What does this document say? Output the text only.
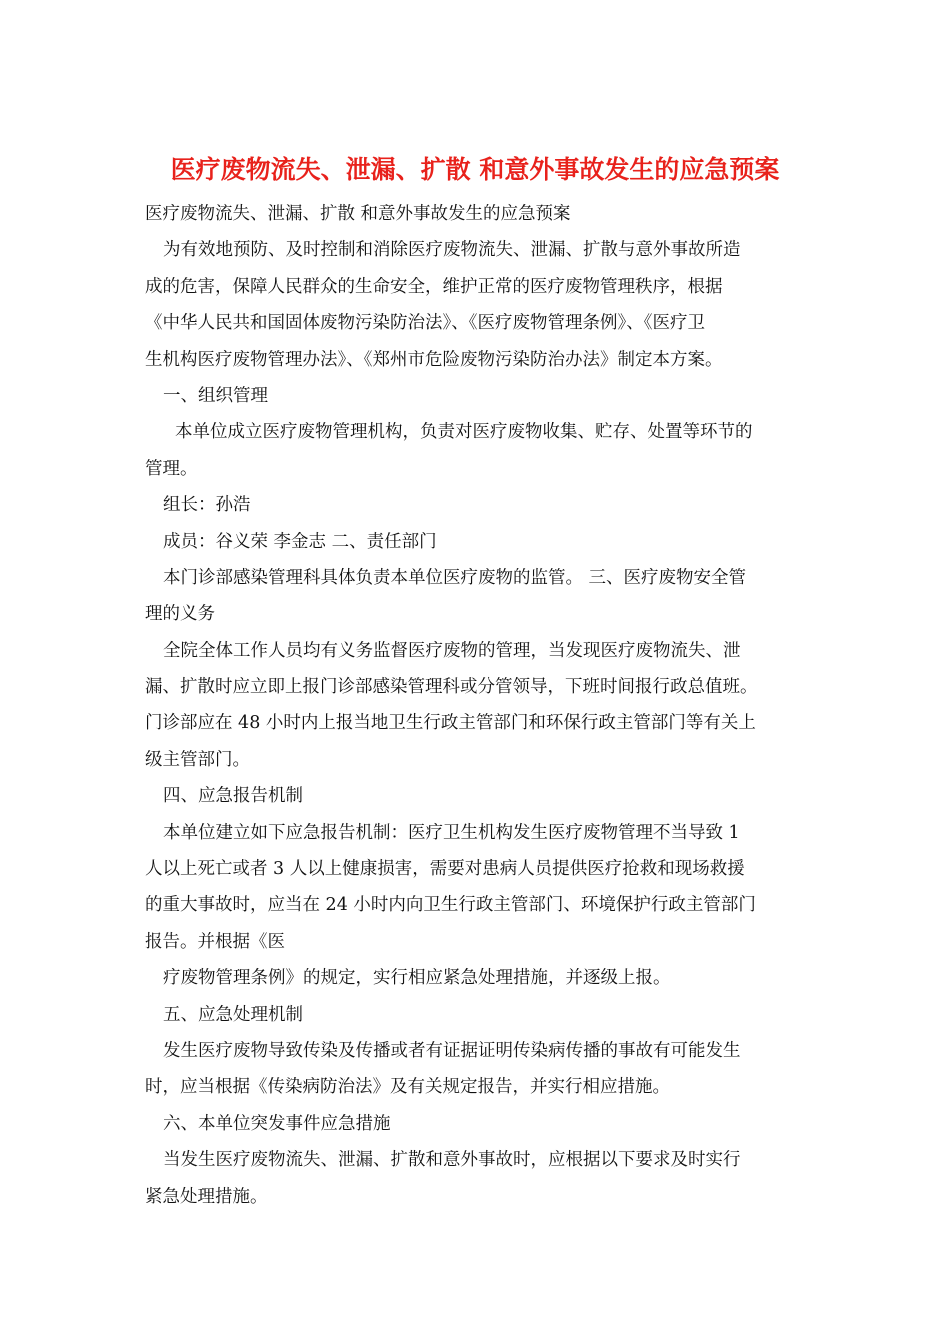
医疗废物流失、泄漏、扩散 和意外事故发生的应急预案
医疗废物流失、泄漏、扩散 和意外事故发生的应急预案
为有效地预防、及时控制和消除医疗废物流失、泄漏、扩散与意外事故所造
成的危害，保障人民群众的生命安全，维护正常的医疗废物管理秩序，根据
《中华人民共和国固体废物污染防治法》、《医疗废物管理条例》、《医疗卫
生机构医疗废物管理办法》、《郑州市危险废物污染防治办法》制定本方案。
一、组织管理
本单位成立医疗废物管理机构，负责对医疗废物收集、贮存、处置等环节的
管理。
组长：孙浩
成员：谷义荣 李金志 二、责任部门
本门诊部感染管理科具体负责本单位医疗废物的监管。 三、医疗废物安全管
理的义务
全院全体工作人员均有义务监督医疗废物的管理，当发现医疗废物流失、泄
漏、扩散时应立即上报门诊部感染管理科或分管领导，下班时间报行政总值班。
门诊部应在 48 小时内上报当地卫生行政主管部门和环保行政主管部门等有关上
级主管部门。
四、应急报告机制
本单位建立如下应急报告机制：医疗卫生机构发生医疗废物管理不当导致 1
人以上死亡或者 3 人以上健康损害，需要对患病人员提供医疗抢救和现场救援
的重大事故时，应当在 24 小时内向卫生行政主管部门、环境保护行政主管部门
报告。并根据《医
疗废物管理条例》的规定，实行相应紧急处理措施，并逐级上报。
五、应急处理机制
发生医疗废物导致传染及传播或者有证据证明传染病传播的事故有可能发生
时，应当根据《传染病防治法》及有关规定报告，并实行相应措施。
六、本单位突发事件应急措施
当发生医疗废物流失、泄漏、扩散和意外事故时，应根据以下要求及时实行
紧急处理措施。
